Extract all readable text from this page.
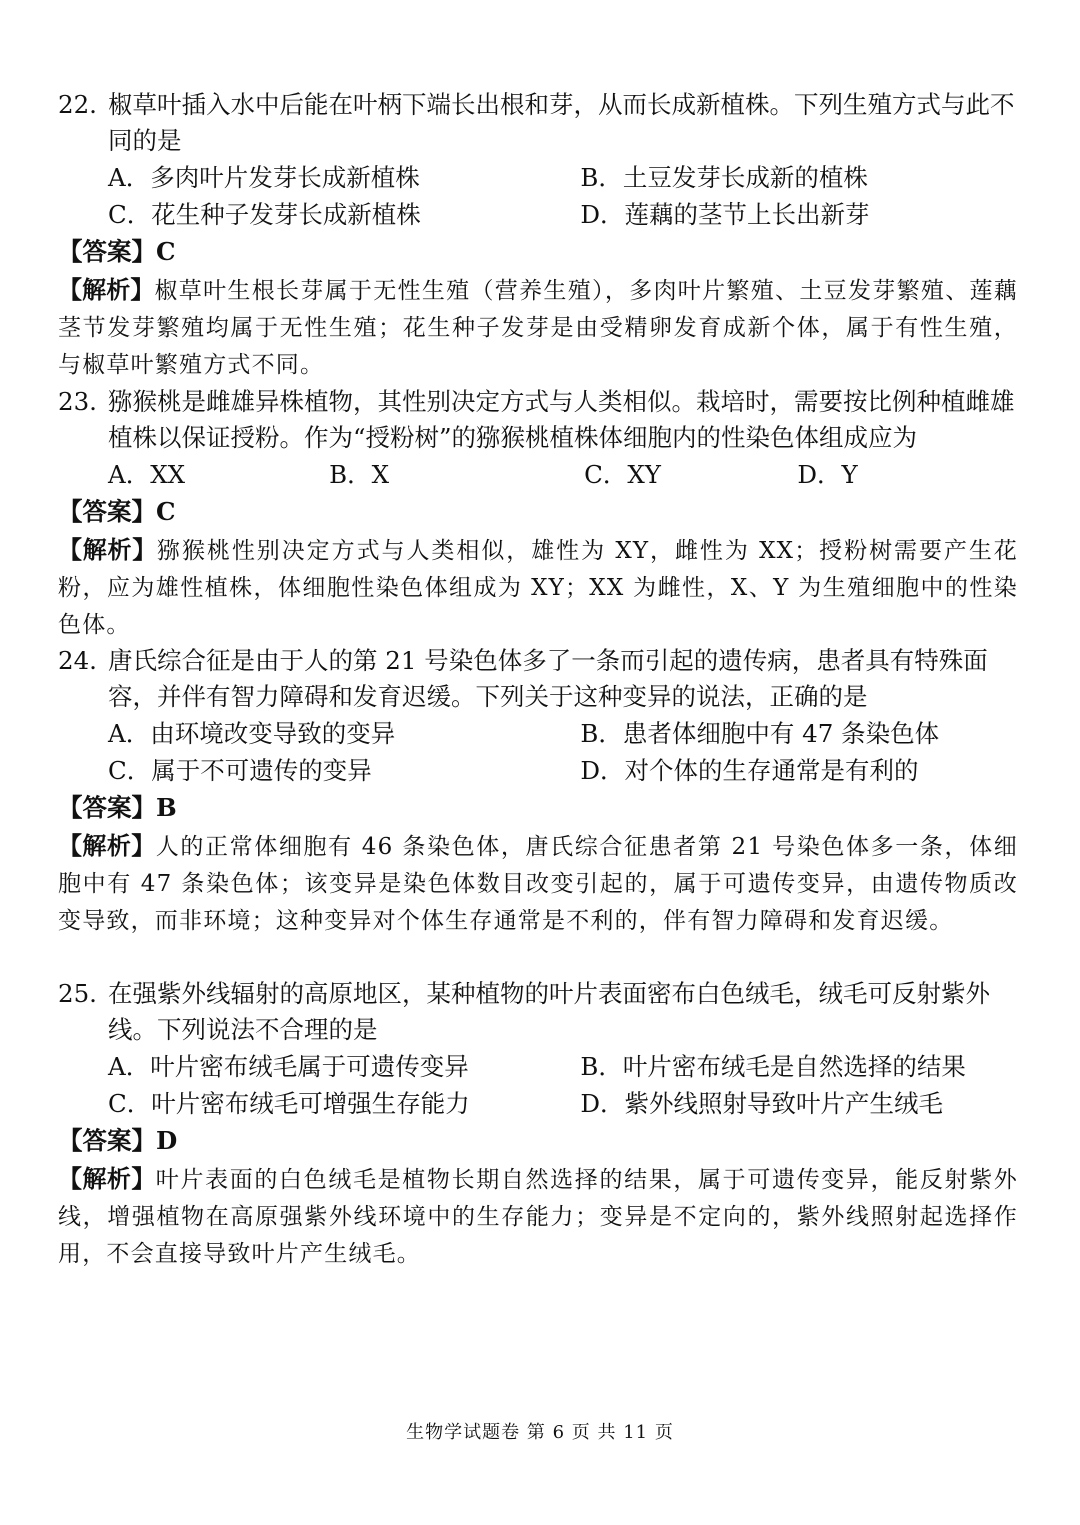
22. 椒草叶插入水中后能在叶柄下端长出根和芽，从而长成新植株。下列生殖方式与此不同的是
A．多肉叶片发芽长成新植株	B．土豆发芽长成新的植株
C．花生种子发芽长成新植株	D．莲藕的茎节上长出新芽
【答案】C
【解析】椒草叶生根长芽属于无性生殖（营养生殖），多肉叶片繁殖、土豆发芽繁殖、莲藕茎节发芽繁殖均属于无性生殖；花生种子发芽是由受精卵发育成新个体，属于有性生殖，与椒草叶繁殖方式不同。
23. 猕猴桃是雌雄异株植物，其性别决定方式与人类相似。栽培时，需要按比例种植雌雄植株以保证授粉。作为“授粉树”的猕猴桃植株体细胞内的性染色体组成应为
A．XX	B．X	C．XY	D．Y
【答案】C
【解析】猕猴桃性别决定方式与人类相似，雄性为 XY，雌性为 XX；授粉树需要产生花粉，应为雄性植株，体细胞性染色体组成为 XY；XX 为雌性，X、Y 为生殖细胞中的性染色体。
24. 唐氏综合征是由于人的第 21 号染色体多了一条而引起的遗传病，患者具有特殊面容，并伴有智力障碍和发育迟缓。下列关于这种变异的说法，正确的是
A．由环境改变导致的变异	B．患者体细胞中有 47 条染色体
C．属于不可遗传的变异	D．对个体的生存通常是有利的
【答案】B
【解析】人的正常体细胞有 46 条染色体，唐氏综合征患者第 21 号染色体多一条，体细胞中有 47 条染色体；该变异是染色体数目改变引起的，属于可遗传变异，由遗传物质改变导致，而非环境；这种变异对个体生存通常是不利的，伴有智力障碍和发育迟缓。
25. 在强紫外线辐射的高原地区，某种植物的叶片表面密布白色绒毛，绒毛可反射紫外线。下列说法不合理的是
A．叶片密布绒毛属于可遗传变异	B．叶片密布绒毛是自然选择的结果
C．叶片密布绒毛可增强生存能力	D．紫外线照射导致叶片产生绒毛
【答案】D
【解析】叶片表面的白色绒毛是植物长期自然选择的结果，属于可遗传变异，能反射紫外线，增强植物在高原强紫外线环境中的生存能力；变异是不定向的，紫外线照射起选择作用，不会直接导致叶片产生绒毛。
生物学试题卷 第 6 页 共 11 页
